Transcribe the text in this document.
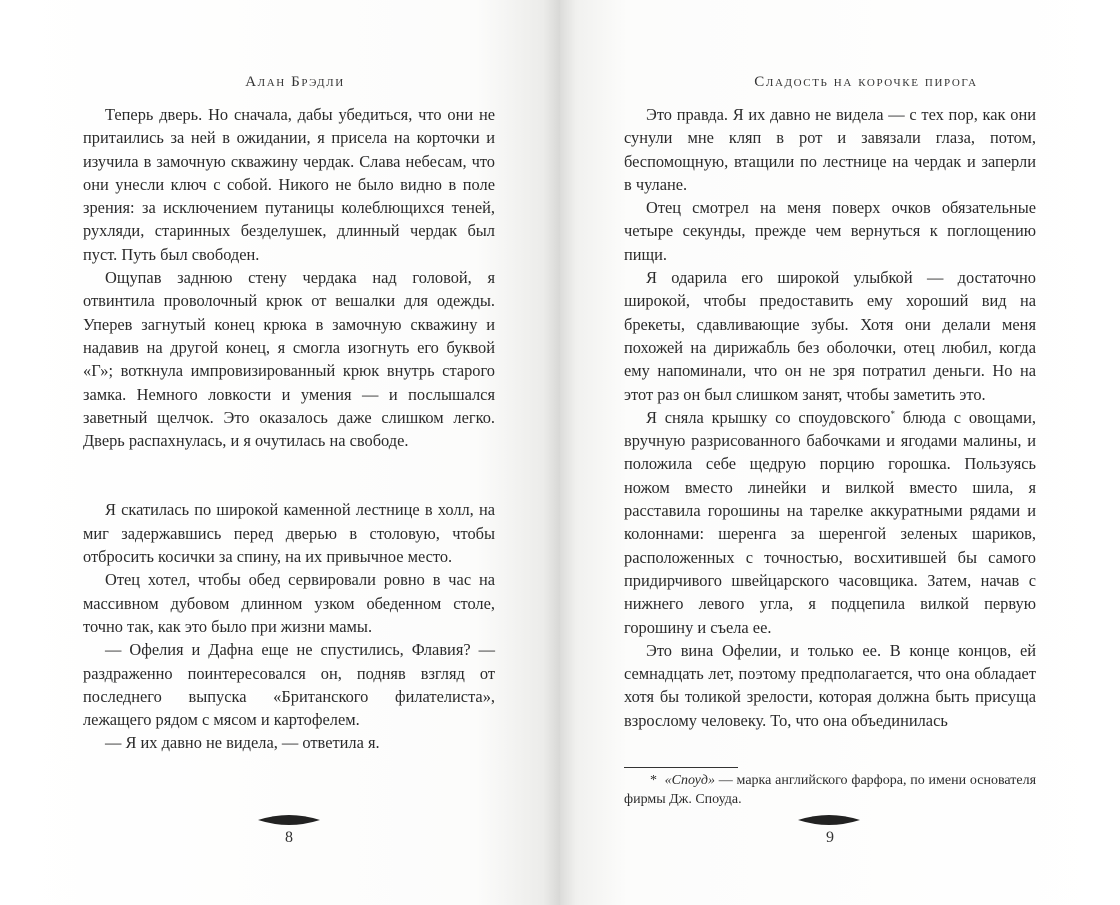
Алан Брэдли

Теперь дверь. Но сначала, дабы убедиться, что они не притаились за ней в ожидании, я присела на корточки и изучила в замочную скважину чердак. Слава небесам, что они унесли ключ с собой. Никого не было видно в поле зрения: за исключением путаницы колеблющихся теней, рухляди, старинных безделушек, длинный чердак был пуст. Путь был свободен.

Ощупав заднюю стену чердака над головой, я отвинтила проволочный крюк от вешалки для одежды. Уперев загнутый конец крюка в замочную скважину и надавив на другой конец, я смогла изогнуть его буквой «Г»; воткнула импровизированный крюк внутрь старого замка. Немного ловкости и умения — и послышался заветный щелчок. Это оказалось даже слишком легко. Дверь распахнулась, и я очутилась на свободе.

Я скатилась по широкой каменной лестнице в холл, на миг задержавшись перед дверью в столовую, чтобы отбросить косички за спину, на их привычное место.

Отец хотел, чтобы обед сервировали ровно в час на массивном дубовом длинном узком обеденном столе, точно так, как это было при жизни мамы.

— Офелия и Дафна еще не спустились, Флавия? — раздраженно поинтересовался он, подняв взгляд от последнего выпуска «Британского филателиста», лежащего рядом с мясом и картофелем.

— Я их давно не видела, — ответила я.

8
Сладость на корочке пирога

Это правда. Я их давно не видела — с тех пор, как они сунули мне кляп в рот и завязали глаза, потом, беспомощную, втащили по лестнице на чердак и заперли в чулане.

Отец смотрел на меня поверх очков обязательные четыре секунды, прежде чем вернуться к поглощению пищи.

Я одарила его широкой улыбкой — достаточно широкой, чтобы предоставить ему хороший вид на брекеты, сдавливающие зубы. Хотя они делали меня похожей на дирижабль без оболочки, отец любил, когда ему напоминали, что он не зря потратил деньги. Но на этот раз он был слишком занят, чтобы заметить это.

Я сняла крышку со споудовского* блюда с овощами, вручную разрисованного бабочками и ягодами малины, и положила себе щедрую порцию горошка. Пользуясь ножом вместо линейки и вилкой вместо шила, я расставила горошины на тарелке аккуратными рядами и колоннами: шеренга за шеренгой зеленых шариков, расположенных с точностью, восхитившей бы самого придирчивого швейцарского часовщика. Затем, начав с нижнего левого угла, я подцепила вилкой первую горошину и съела ее.

Это вина Офелии, и только ее. В конце концов, ей семнадцать лет, поэтому предполагается, что она обладает хотя бы толикой зрелости, которая должна быть присуща взрослому человеку. То, что она объединилась

* «Споуд» — марка английского фарфора, по имени основателя фирмы Дж. Споуда.

9
